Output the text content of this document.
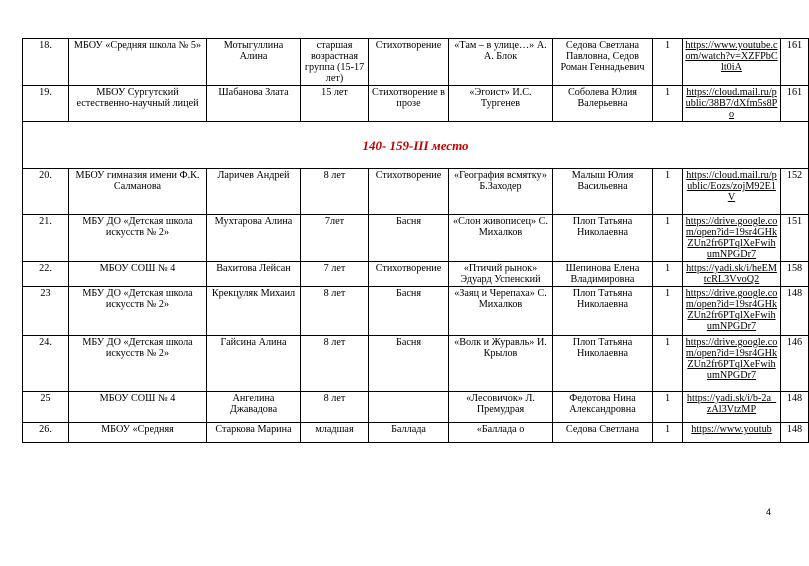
18.	МБОУ «Средняя школа № 5»	Мотыгуллина Алина	старшая возрастная группа (15-17 лет)	Стихотворение	«Там – в улице…» А. А. Блок	Седова Светлана Павловна, Седов Роман Геннадьевич	1	https://www.youtube.com/watch?v=XZFPbClt0iA	161
19.	МБОУ Сургутский естественно-научный лицей	Шабанова Злата	15 лет	Стихотворение в прозе	«Эгоист» И.С. Тургенев	Соболева Юлия Валерьевна	1	https://cloud.mail.ru/public/38B7/dXfm5s8Po	161
140- 159-III место									
20.	МБОУ гимназия имени Ф.К. Салманова	Ларичев Андрей	8 лет	Стихотворение	«География всмятку» Б.Заходер	Малыш Юлия Васильевна	1	https://cloud.mail.ru/public/Eozs/zojM92E1V	152
21.	МБУ ДО «Детская школа искусств № 2»	Мухтарова Алина	7лет	Басня	«Слон живописец» С. Михалков	Плоп Татьяна Николаевна	1	https://drive.google.com/open?id=19sr4GHkZUn2fr6PTqlXeFwihumNPGDr7	151
22.	МБОУ СОШ № 4	Вахитова Лейсан	7 лет	Стихотворение	«Птичий рынок» Эдуард Успенский	Шепинова Елена Владимировна	1	https://yadi.sk/i/heEMtcRL3VvoQ2	158
23	МБУ ДО «Детская школа искусств № 2»	Крекцуляк Михаил	8 лет	Басня	«Заяц и Черепаха» С. Михалков	Плоп Татьяна Николаевна	1	https://drive.google.com/open?id=19sr4GHkZUn2fr6PTqlXeFwihumNPGDr7	148
24.	МБУ ДО «Детская школа искусств № 2»	Гайсина Алина	8 лет	Басня	«Волк и Журавль» И. Крылов	Плоп Татьяна Николаевна	1	https://drive.google.com/open?id=19sr4GHkZUn2fr6PTqlXeFwihumNPGDr7	146
25	МБОУ СОШ № 4	Ангелина Джавадова	8 лет		«Лесовичок» Л. Премудрая	Федотова Нина Александровна	1	https://yadi.sk/i/b-2a_zAl3VtzMP	148
26.	МБОУ «Средняя	Старкова Марина	младшая	Баллада	«Баллада о	Седова Светлана	1	https://www.youtub	148
4
